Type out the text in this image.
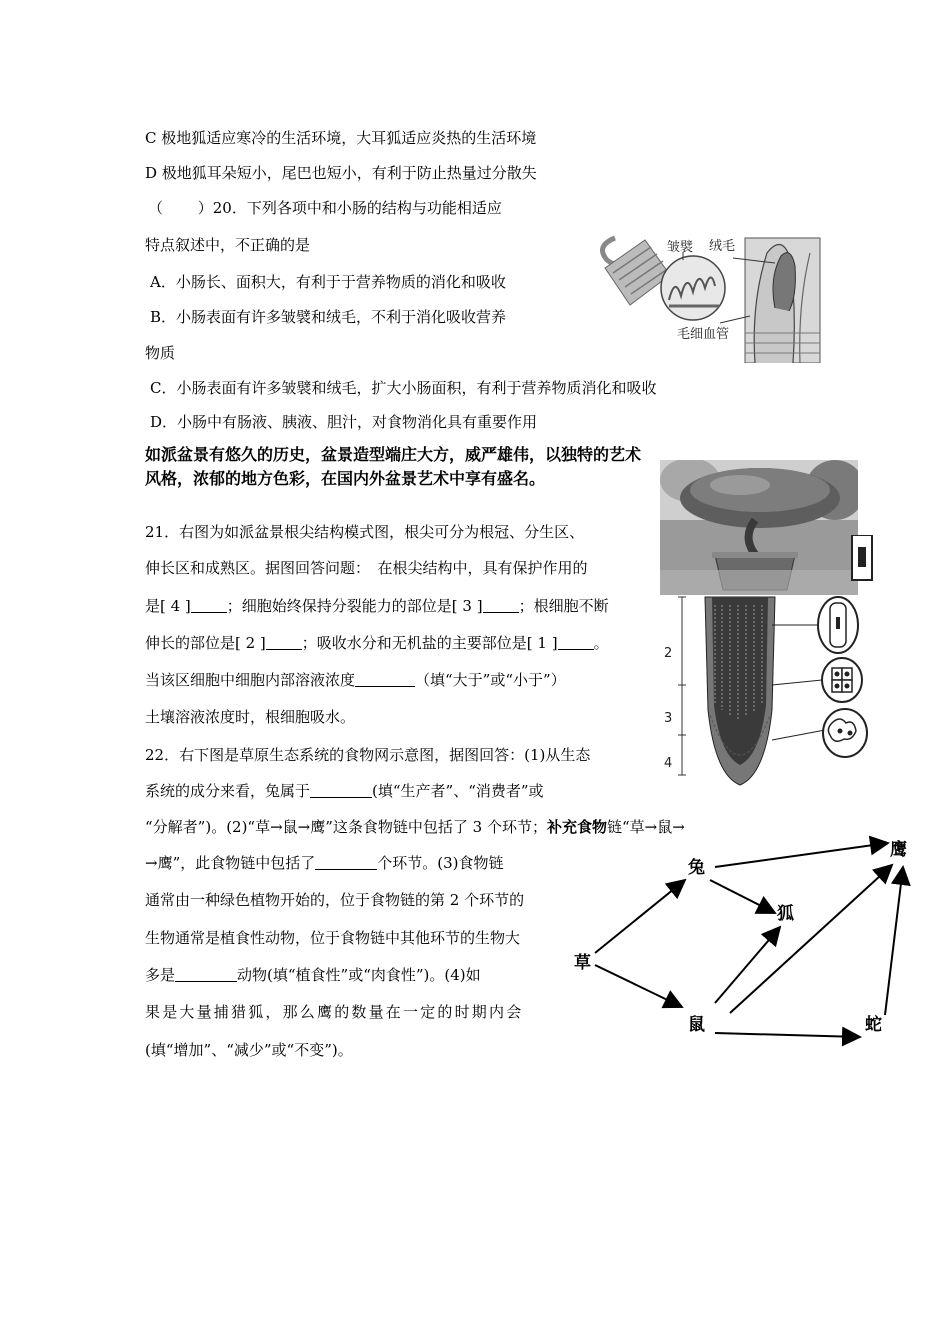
C 极地狐适应寒冷的生活环境，大耳狐适应炎热的生活环境
D 极地狐耳朵短小，尾巴也短小，有利于防止热量过分散失
（　　 ）20．下列各项中和小肠的结构与功能相适应
特点叙述中，不正确的是
A．小肠长、面积大，有利于于营养物质的消化和吸收
B．小肠表面有许多皱襞和绒毛，不利于消化吸收营养
物质
C．小肠表面有许多皱襞和绒毛，扩大小肠面积，有利于营养物质消化和吸收
D．小肠中有肠液、胰液、胆汁，对食物消化具有重要作用
皱襞 绒毛
毛细血管
如派盆景有悠久的历史，盆景造型端庄大方，威严雄伟，以独特的艺术风格，浓郁的地方色彩，在国内外盆景艺术中享有盛名。
21．右图为如派盆景根尖结构模式图，根尖可分为根冠、分生区、
伸长区和成熟区。据图回答问题：　在根尖结构中，具有保护作用的
是[ 4 ] ；细胞始终保持分裂能力的部位是[ 3 ] ；根细胞不断
伸长的部位是[ 2 ] ；吸收水分和无机盐的主要部位是[ 1 ] 。
当该区细胞中细胞内部溶液浓度	（填“大于”或“小于”）
土壤溶液浓度时，根细胞吸水。
2
3
4
22．右下图是草原生态系统的食物网示意图，据图回答：(1)从生态
系统的成分来看，兔属于	(填“生产者”、“消费者”或
“分解者”)。(2)“草→鼠→鹰”这条食物链中包括了 3 个环节；补充食物链“草→鼠→
→鹰”，此食物链中包括了	个环节。(3)食物链
通常由一种绿色植物开始的，位于食物链的第 2 个环节的
生物通常是植食性动物，位于食物链中其他环节的生物大
多是	动物(填“植食性”或“肉食性”)。(4)如
果是大量捕猎狐，那么鹰的数量在一定的时期内会
(填“增加”、“减少”或“不变”)。
草
兔
鼠
狐
鹰
蛇
